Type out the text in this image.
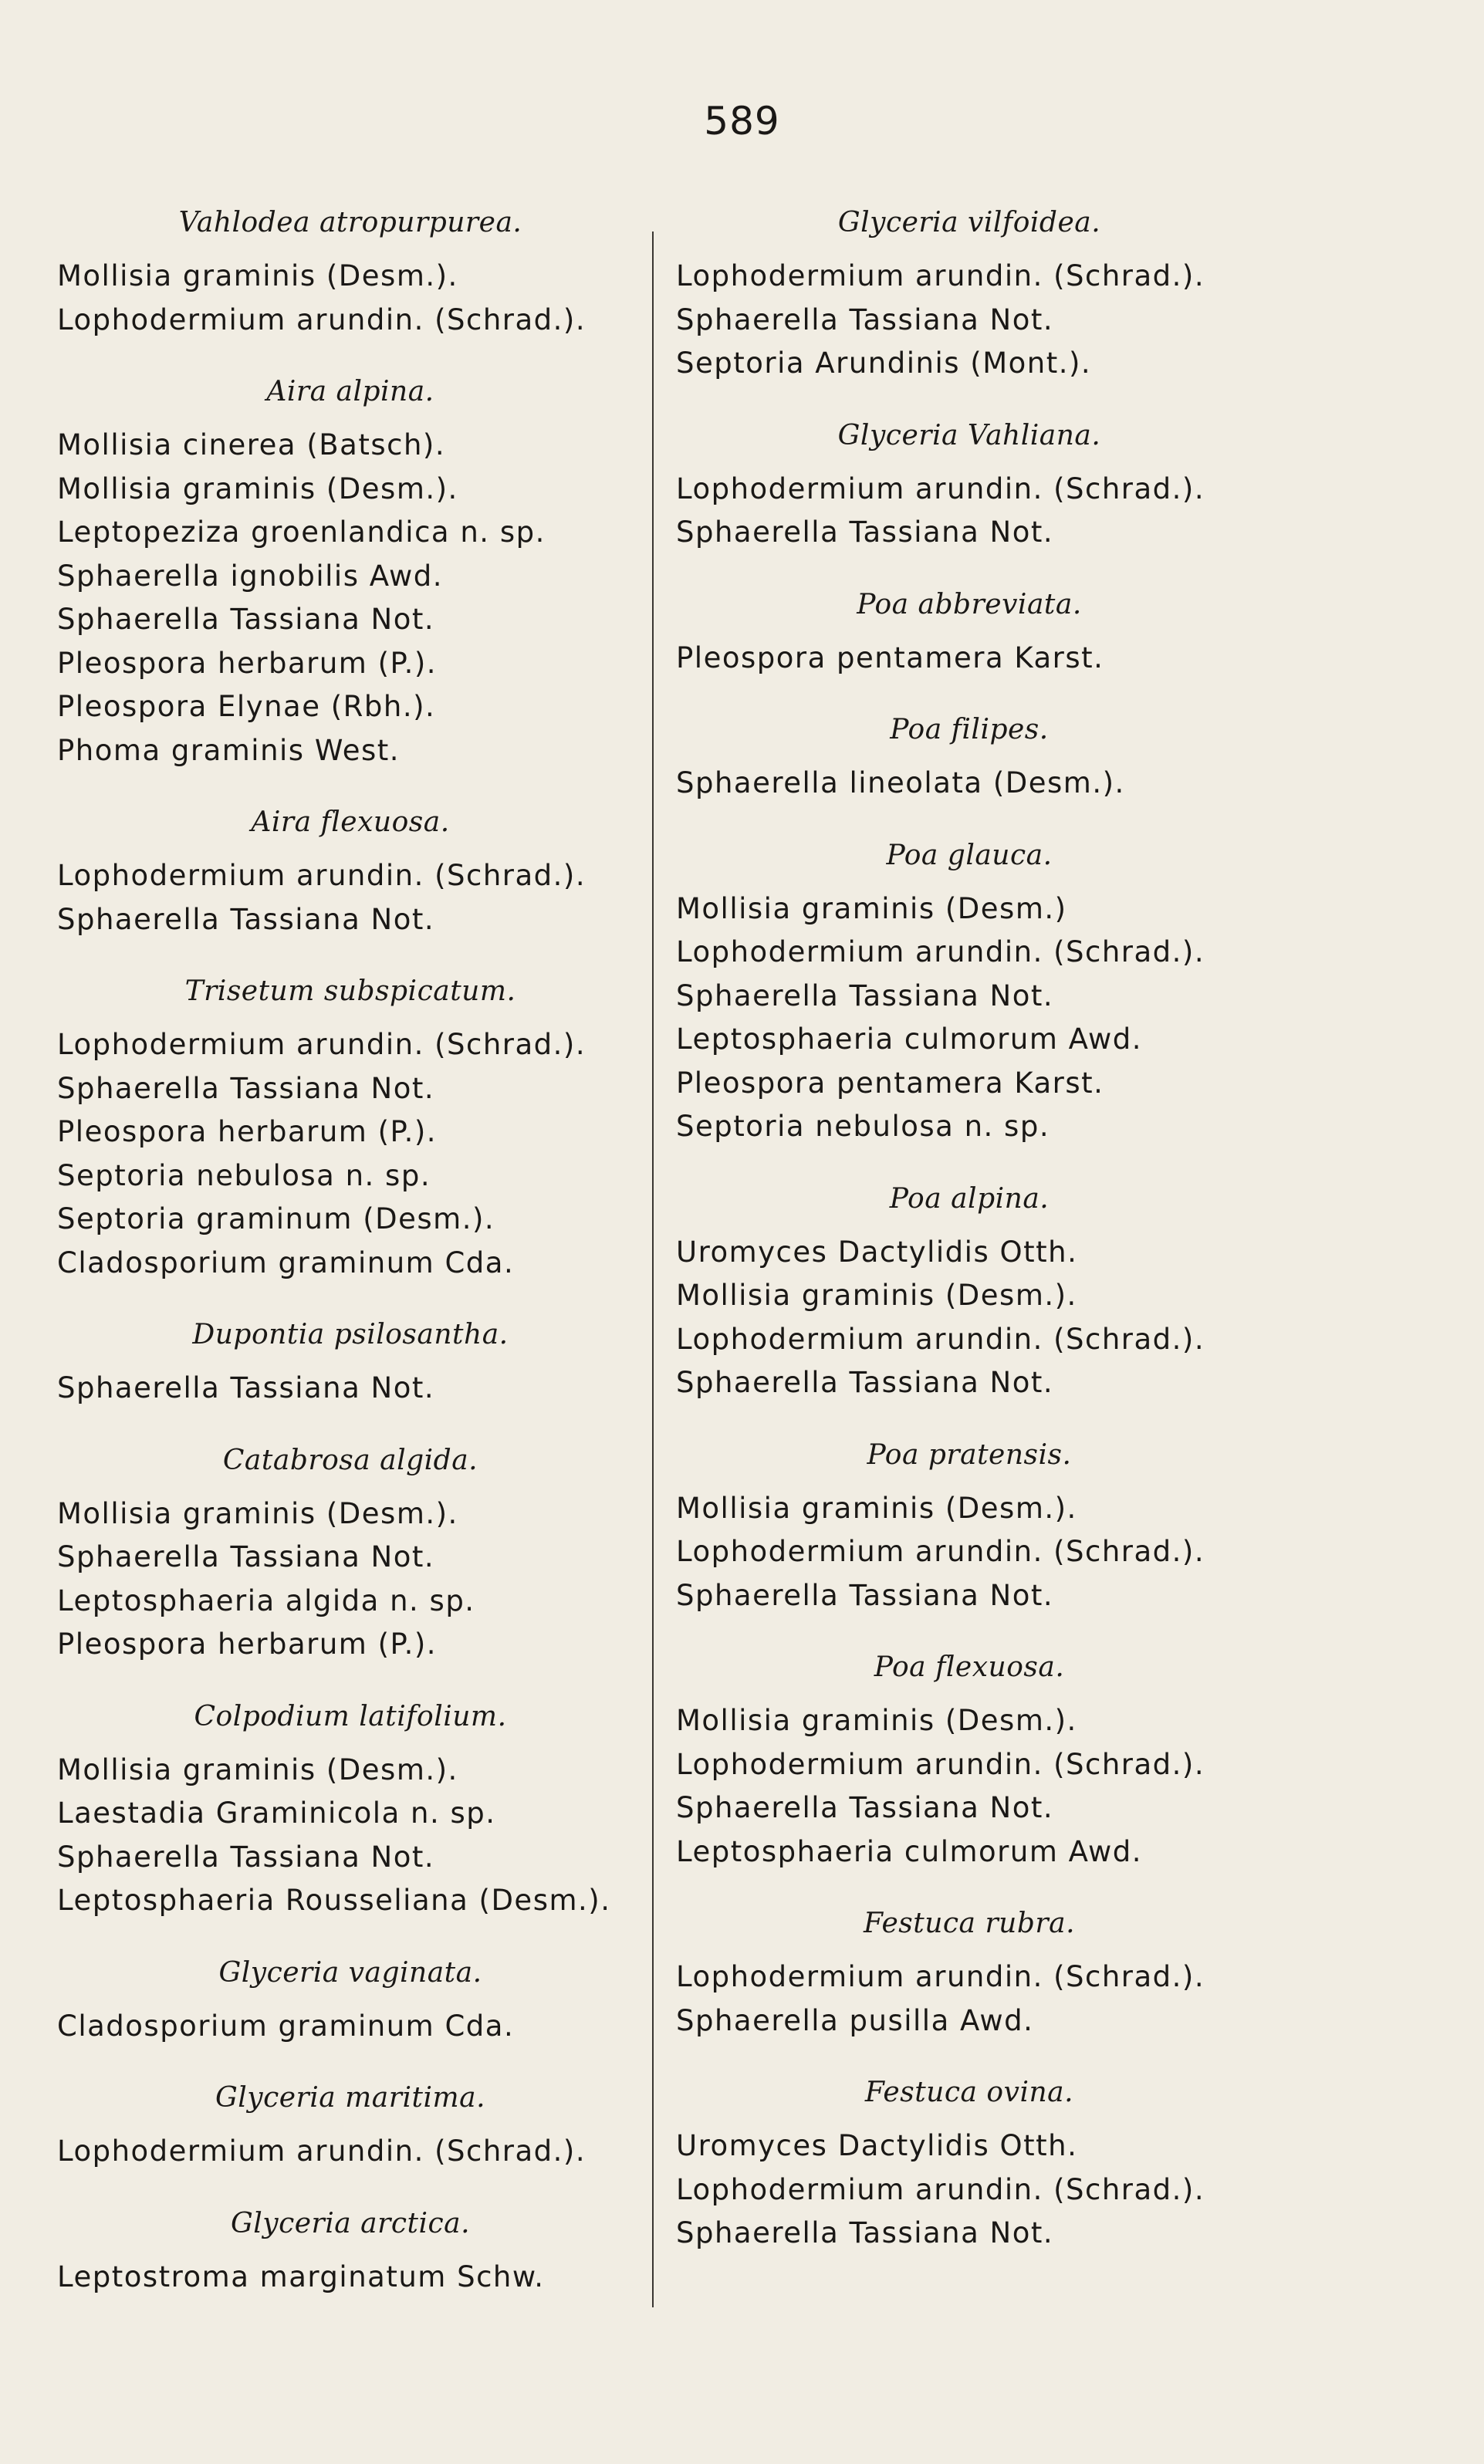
589
Vahlodea atropurpurea.
Mollisia graminis (Desm.).
Lophodermium arundin. (Schrad.).
Aira alpina.
Mollisia cinerea (Batsch).
Mollisia graminis (Desm.).
Leptopeziza groenlandica n. sp.
Sphaerella ignobilis Awd.
Sphaerella Tassiana Not.
Pleospora herbarum (P.).
Pleospora Elynae (Rbh.).
Phoma graminis West.
Aira flexuosa.
Lophodermium arundin. (Schrad.).
Sphaerella Tassiana Not.
Trisetum subspicatum.
Lophodermium arundin. (Schrad.).
Sphaerella Tassiana Not.
Pleospora herbarum (P.).
Septoria nebulosa n. sp.
Septoria graminum (Desm.).
Cladosporium graminum Cda.
Dupontia psilosantha.
Sphaerella Tassiana Not.
Catabrosa algida.
Mollisia graminis (Desm.).
Sphaerella Tassiana Not.
Leptosphaeria algida n. sp.
Pleospora herbarum (P.).
Colpodium latifolium.
Mollisia graminis (Desm.).
Laestadia Graminicola n. sp.
Sphaerella Tassiana Not.
Leptosphaeria Rousseliana (Desm.).
Glyceria vaginata.
Cladosporium graminum Cda.
Glyceria maritima.
Lophodermium arundin. (Schrad.).
Glyceria arctica.
Leptostroma marginatum Schw.
Glyceria vilfoidea.
Lophodermium arundin. (Schrad.).
Sphaerella Tassiana Not.
Septoria Arundinis (Mont.).
Glyceria Vahliana.
Lophodermium arundin. (Schrad.).
Sphaerella Tassiana Not.
Poa abbreviata.
Pleospora pentamera Karst.
Poa filipes.
Sphaerella lineolata (Desm.).
Poa glauca.
Mollisia graminis (Desm.)
Lophodermium arundin. (Schrad.).
Sphaerella Tassiana Not.
Leptosphaeria culmorum Awd.
Pleospora pentamera Karst.
Septoria nebulosa n. sp.
Poa alpina.
Uromyces Dactylidis Otth.
Mollisia graminis (Desm.).
Lophodermium arundin. (Schrad.).
Sphaerella Tassiana Not.
Poa pratensis.
Mollisia graminis (Desm.).
Lophodermium arundin. (Schrad.).
Sphaerella Tassiana Not.
Poa flexuosa.
Mollisia graminis (Desm.).
Lophodermium arundin. (Schrad.).
Sphaerella Tassiana Not.
Leptosphaeria culmorum Awd.
Festuca rubra.
Lophodermium arundin. (Schrad.).
Sphaerella pusilla Awd.
Festuca ovina.
Uromyces Dactylidis Otth.
Lophodermium arundin. (Schrad.).
Sphaerella Tassiana Not.
